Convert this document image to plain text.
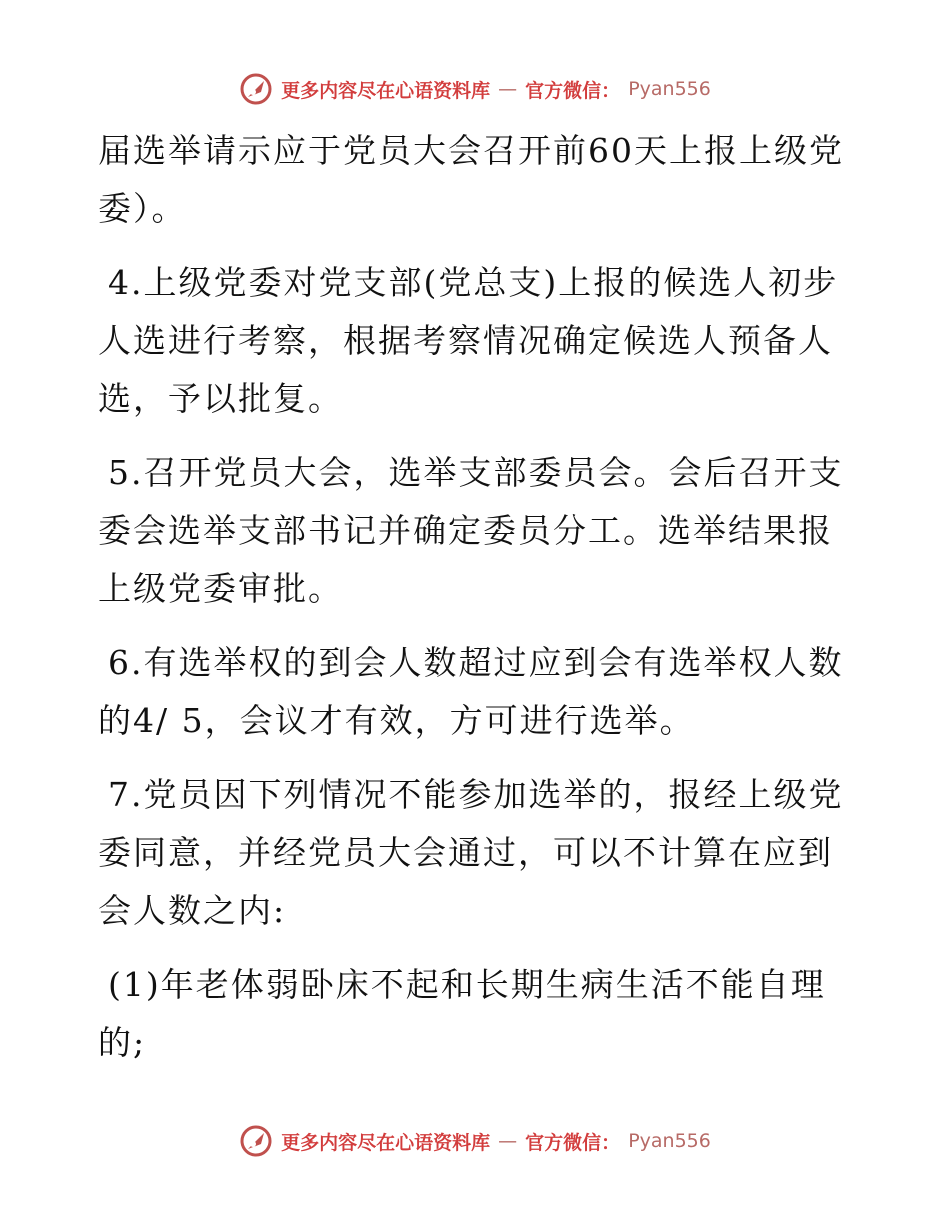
更多内容尽在心语资料库 — 官方微信： Pyan556

届选举请示应于党员大会召开前60天上报上级党委）。

4.上级党委对党支部(党总支)上报的候选人初步人选进行考察，根据考察情况确定候选人预备人选，予以批复。

5.召开党员大会，选举支部委员会。会后召开支委会选举支部书记并确定委员分工。选举结果报上级党委审批。

6.有选举权的到会人数超过应到会有选举权人数的4/ 5，会议才有效，方可进行选举。

7.党员因下列情况不能参加选举的，报经上级党委同意，并经党员大会通过，可以不计算在应到会人数之内:

(1)年老体弱卧床不起和长期生病生活不能自理的;

更多内容尽在心语资料库 — 官方微信： Pyan556
